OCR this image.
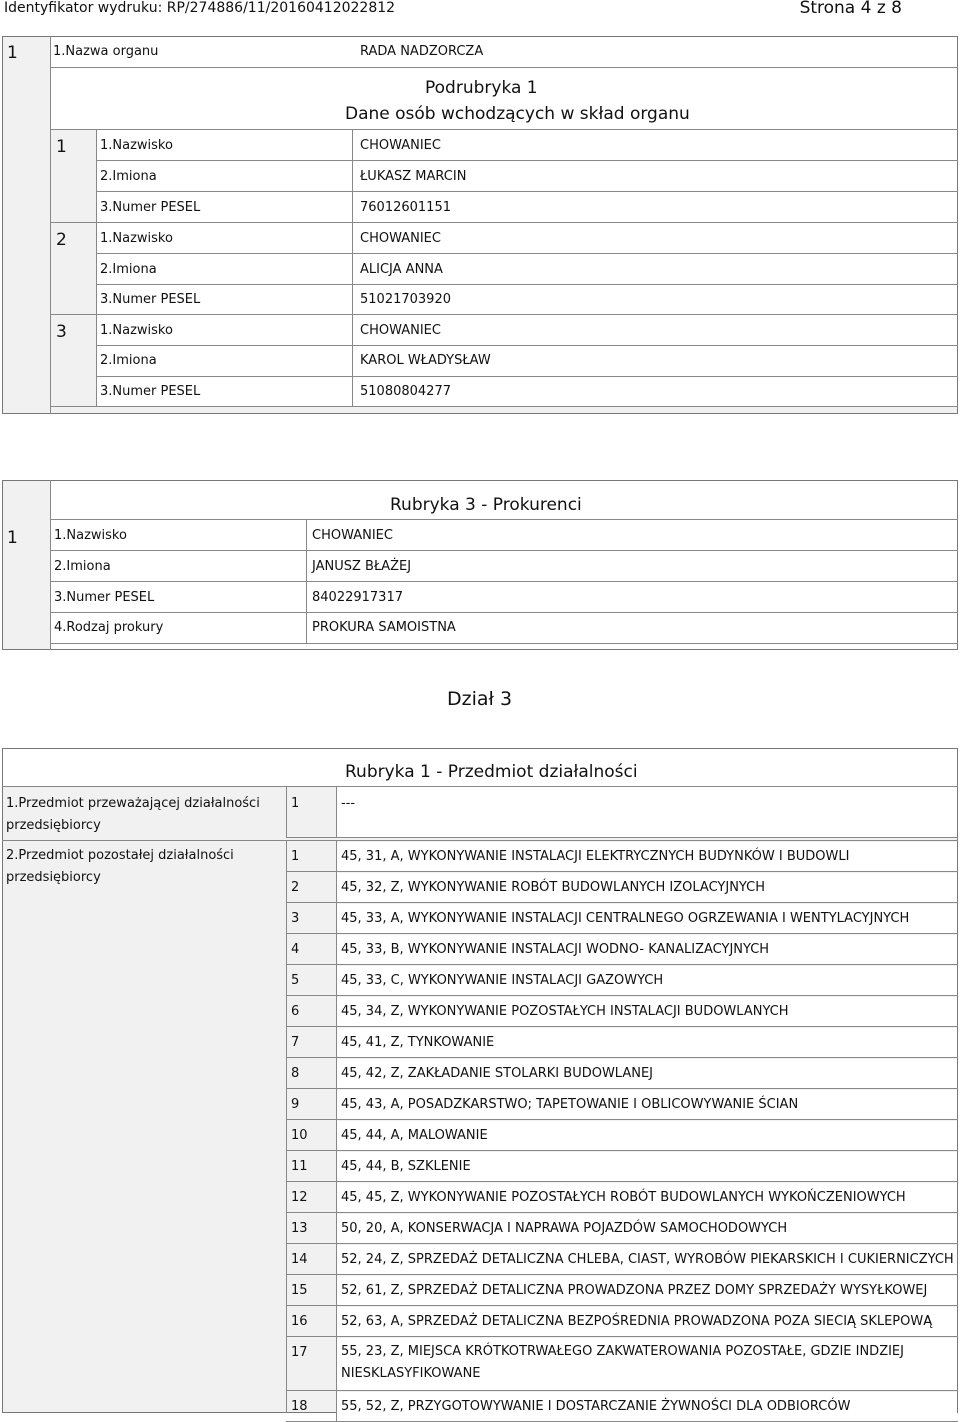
Identyfikator wydruku: RP/274886/11/20160412022812	Strona 4 z 8
1	1.Nazwa organu	RADA NADZORCZA
Podrubryka 1
Dane osób wchodzących w skład organu
1	1.Nazwisko	CHOWANIEC
2.Imiona	ŁUKASZ MARCIN
3.Numer PESEL	76012601151
2	1.Nazwisko	CHOWANIEC
2.Imiona	ALICJA ANNA
3.Numer PESEL	51021703920
3	1.Nazwisko	CHOWANIEC
2.Imiona	KAROL WŁADYSŁAW
3.Numer PESEL	51080804277
Rubryka 3 - Prokurenci
1	1.Nazwisko	CHOWANIEC
2.Imiona	JANUSZ BŁAŻEJ
3.Numer PESEL	84022917317
4.Rodzaj prokury	PROKURA SAMOISTNA
Dział 3
Rubryka 1 - Przedmiot działalności
1.Przedmiot przeważającej działalności przedsiębiorcy
1	---
2.Przedmiot pozostałej działalności przedsiębiorcy
1	45, 31, A, WYKONYWANIE INSTALACJI ELEKTRYCZNYCH BUDYNKÓW I BUDOWLI
2	45, 32, Z, WYKONYWANIE ROBÓT BUDOWLANYCH IZOLACYJNYCH
3	45, 33, A, WYKONYWANIE INSTALACJI CENTRALNEGO OGRZEWANIA I WENTYLACYJNYCH
4	45, 33, B, WYKONYWANIE INSTALACJI WODNO- KANALIZACYJNYCH
5	45, 33, C, WYKONYWANIE INSTALACJI GAZOWYCH
6	45, 34, Z, WYKONYWANIE POZOSTAŁYCH INSTALACJI BUDOWLANYCH
7	45, 41, Z, TYNKOWANIE
8	45, 42, Z, ZAKŁADANIE STOLARKI BUDOWLANEJ
9	45, 43, A, POSADZKARSTWO; TAPETOWANIE I OBLICOWYWANIE ŚCIAN
10	45, 44, A, MALOWANIE
11	45, 44, B, SZKLENIE
12	45, 45, Z, WYKONYWANIE POZOSTAŁYCH ROBÓT BUDOWLANYCH WYKOŃCZENIOWYCH
13	50, 20, A, KONSERWACJA I NAPRAWA POJAZDÓW SAMOCHODOWYCH
14	52, 24, Z, SPRZEDAŻ DETALICZNA CHLEBA, CIAST, WYROBÓW PIEKARSKICH I CUKIERNICZYCH
15	52, 61, Z, SPRZEDAŻ DETALICZNA PROWADZONA PRZEZ DOMY SPRZEDAŻY WYSYŁKOWEJ
16	52, 63, A, SPRZEDAŻ DETALICZNA BEZPOŚREDNIA PROWADZONA POZA SIECIĄ SKLEPOWĄ
17	55, 23, Z, MIEJSCA KRÓTKOTRWAŁEGO ZAKWATEROWANIA POZOSTAŁE, GDZIE INDZIEJ NIESKLASYFIKOWANE
18	55, 52, Z, PRZYGOTOWYWANIE I DOSTARCZANIE ŻYWNOŚCI DLA ODBIORCÓW
